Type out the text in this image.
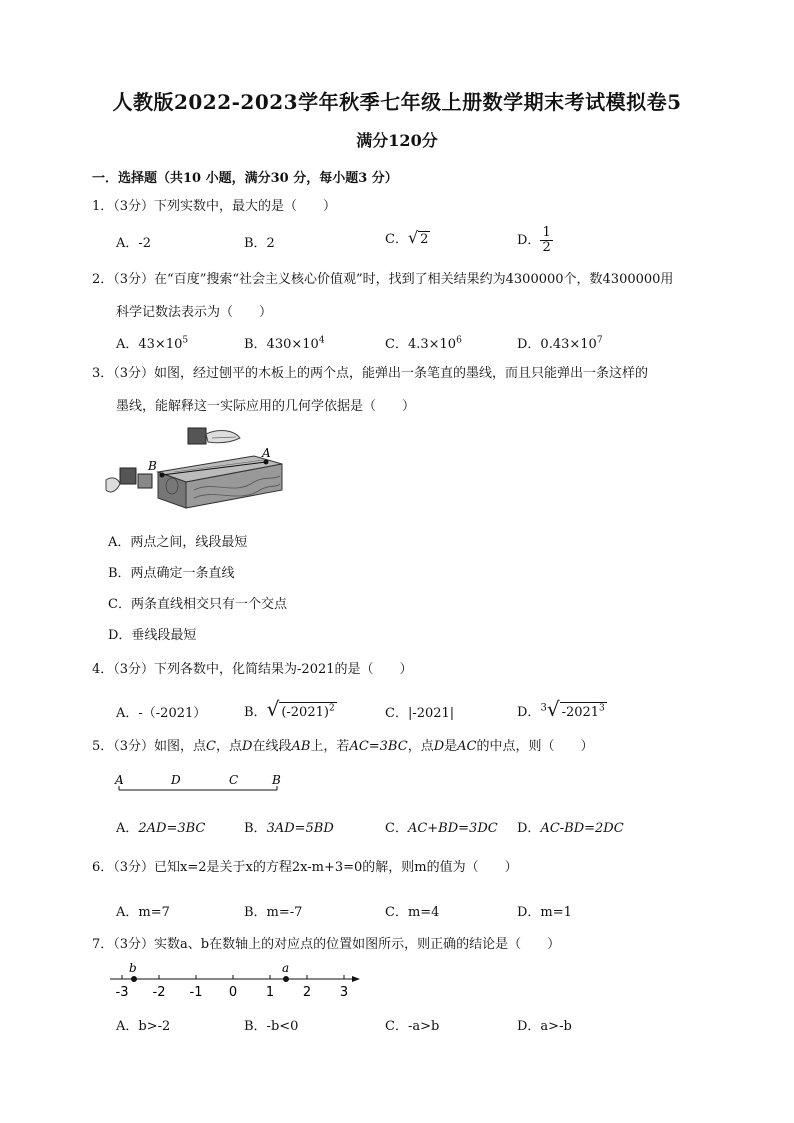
人教版2022-2023学年秋季七年级上册数学期末考试模拟卷5
满分120分
一．选择题（共10 小题，满分30 分，每小题3 分）
1．（3分）下列实数中，最大的是（　　）
A．-2	B．2	C．√ 2	D． $\frac{1}{2}$
2．（3分）在“百度”搜索“社会主义核心价值观”时，找到了相关结果约为4300000个，数4300000用
科学记数法表示为（　　）
A．$43\times 10^5$	B．$430\times 10^4$	C．$4.3\times 10^6$	D．$0.43\times 10^7$
3．（3分）如图，经过刨平的木板上的两个点，能弹出一条笔直的墨线，而且只能弹出一条这样的
墨线，能解释这一实际应用的几何学依据是（　　）
B
A
A．两点之间，线段最短
B．两点确定一条直线
C．两条直线相交只有一个交点
D．垂线段最短
4．（3分）下列各数中，化简结果为-2021的是（　　）
A．-（-2021）	B．√ $(-2021)^2$	C．|-2021|	D．$^3$√ -2021$^3$
5．（3分）如图，点C，点D在线段AB上，若AC=3BC，点D是AC的中点，则（　　）
A	D	C	B
A．2AD=3BC	B．3AD=5BD	C．AC+BD=3DC D．AC-BD=2DC
6．（3分）已知x=2是关于x的方程2x-m+3=0的解，则m的值为（　　）
A．m=7	B．m=-7	C．m=4	D．m=1
7．（3分）实数a、b在数轴上的对应点的位置如图所示，则正确的结论是（　　）
-3 -2 -1 0 1 2 3
b	a
A．b>-2	B．-b<0	C．-a>b	D．a>-b
